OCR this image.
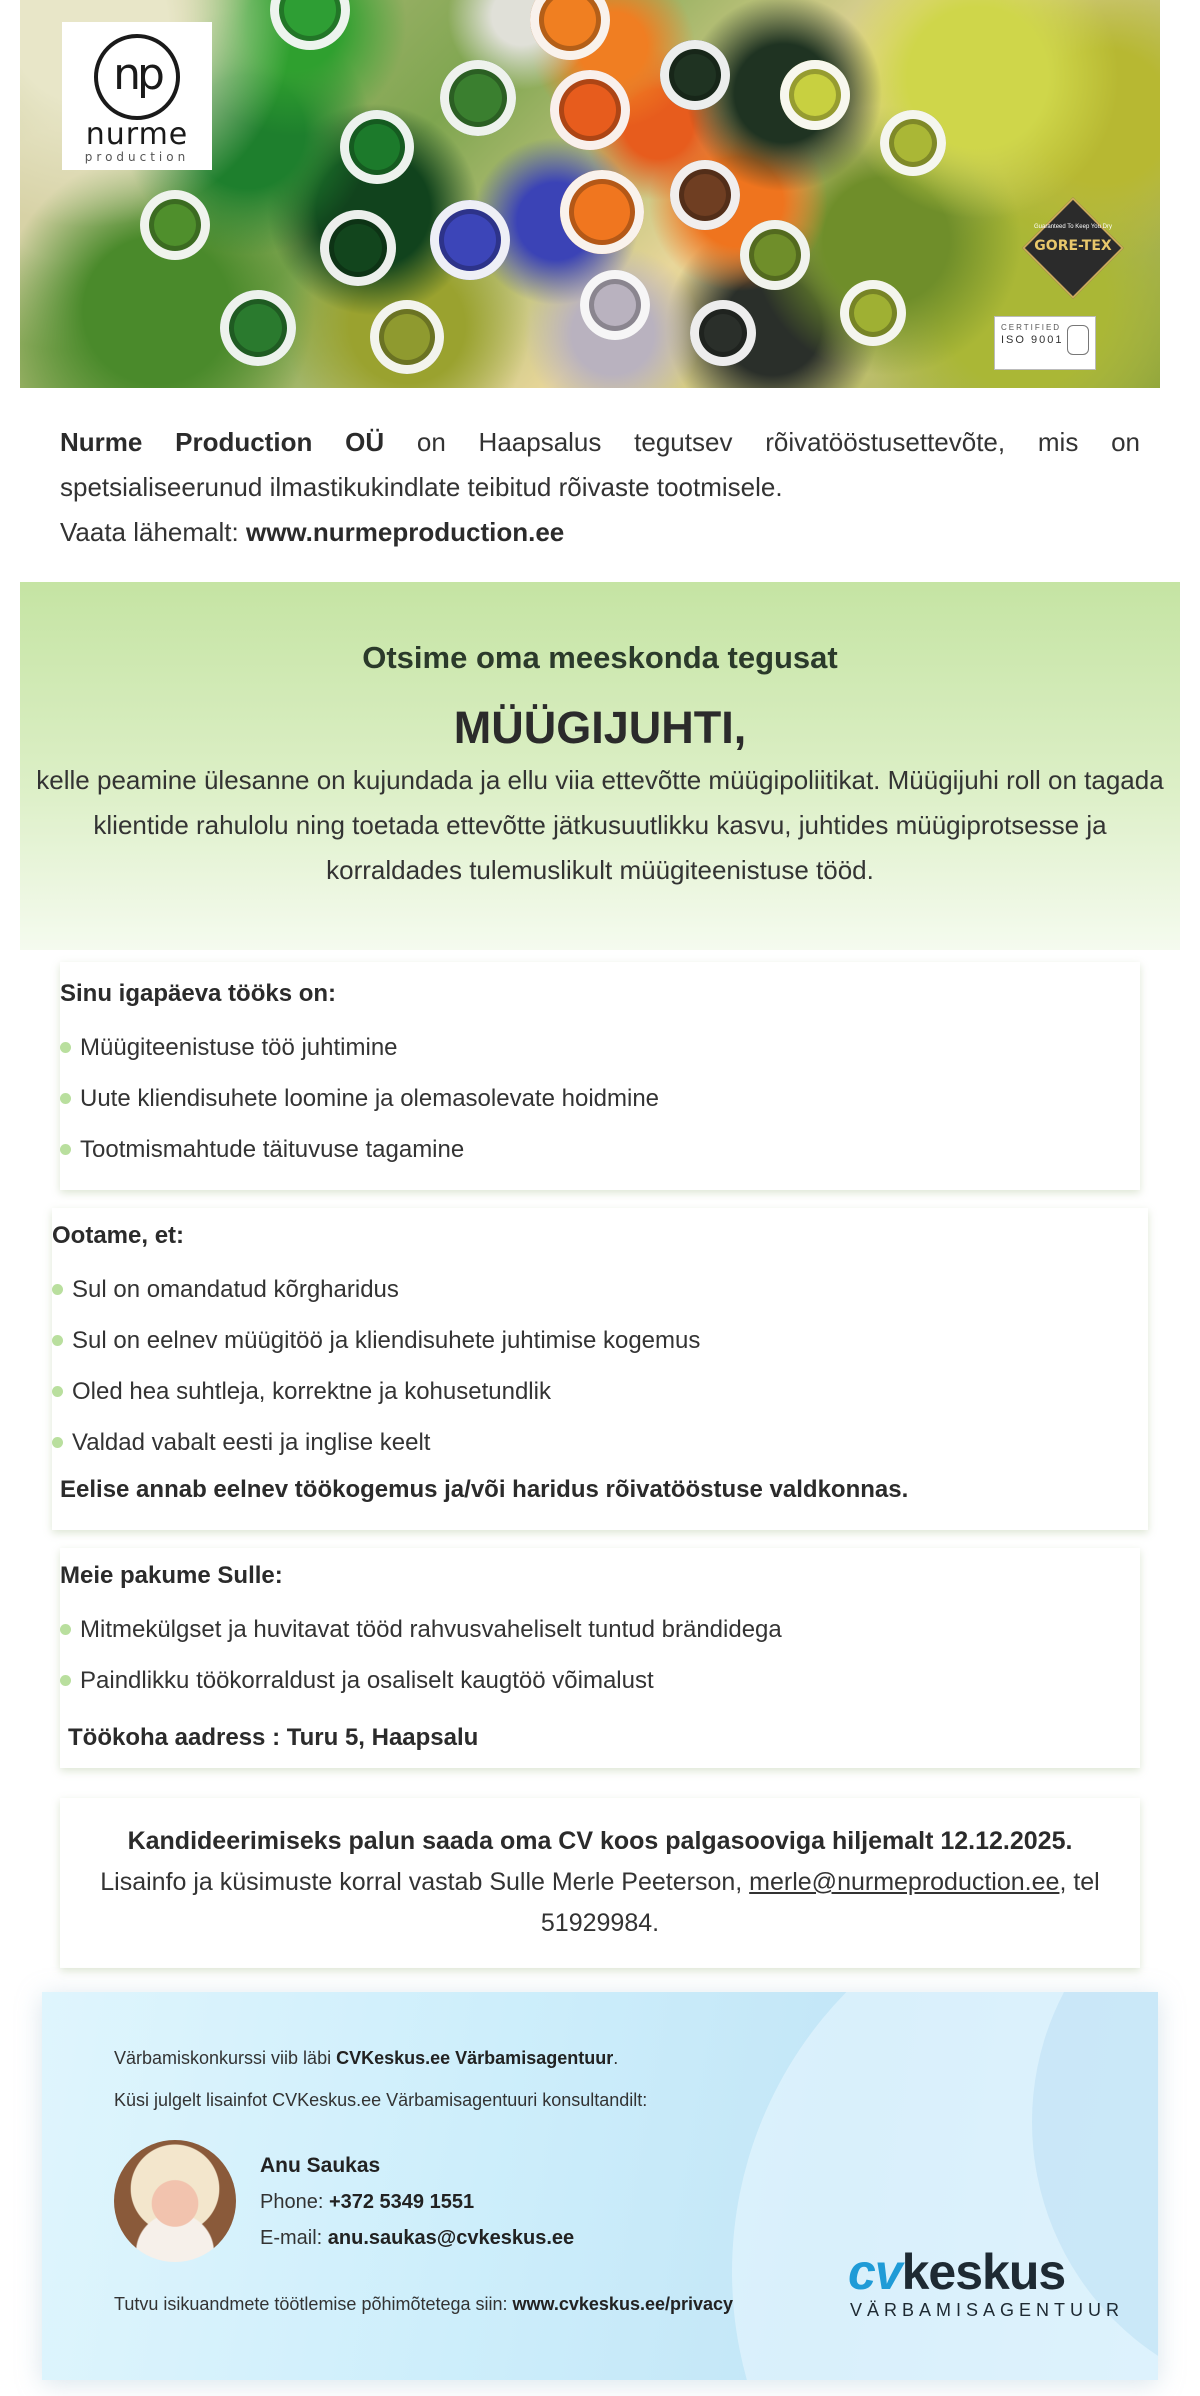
np
nurme
production
Guaranteed To Keep You Dry
GORE-TEX
CERTIFIED
ISO 9001
Nurme Production OÜ on Haapsalus tegutsev rõivatööstusettevõte, mis on spetsialiseerunud ilmastikukindlate teibitud rõivaste tootmisele.
Vaata lähemalt: www.nurmeproduction.ee
Otsime oma meeskonda tegusat
MÜÜGIJUHTI,
kelle peamine ülesanne on kujundada ja ellu viia ettevõtte müügipoliitikat. Müügijuhi roll on tagada klientide rahulolu ning toetada ettevõtte jätkusuutlikku kasvu, juhtides müügiprotsesse ja korraldades tulemuslikult müügiteenistuse tööd.
Sinu igapäeva tööks on:
Müügiteenistuse töö juhtimine
Uute kliendisuhete loomine ja olemasolevate hoidmine
Tootmismahtude täituvuse tagamine
Ootame, et:
Sul on omandatud kõrgharidus
Sul on eelnev müügitöö ja kliendisuhete juhtimise kogemus
Oled hea suhtleja, korrektne ja kohusetundlik
Valdad vabalt eesti ja inglise keelt
Eelise annab eelnev töökogemus ja/või haridus rõivatööstuse valdkonnas.
Meie pakume Sulle:
Mitmekülgset ja huvitavat tööd rahvusvaheliselt tuntud brändidega
Paindlikku töökorraldust ja osaliselt kaugtöö võimalust
Töökoha aadress : Turu 5, Haapsalu
Kandideerimiseks palun saada oma CV koos palgasooviga hiljemalt 12.12.2025.
Lisainfo ja küsimuste korral vastab Sulle Merle Peeterson, merle@nurmeproduction.ee, tel 51929984.
Värbamiskonkurssi viib läbi CVKeskus.ee Värbamisagentuur.
Küsi julgelt lisainfot CVKeskus.ee Värbamisagentuuri konsultandilt:
Anu Saukas
Phone: +372 5349 1551
E-mail: anu.saukas@cvkeskus.ee
Tutvu isikuandmete töötlemise põhimõtetega siin: www.cvkeskus.ee/privacy
cvkeskus
VÄRBAMISAGENTUUR
